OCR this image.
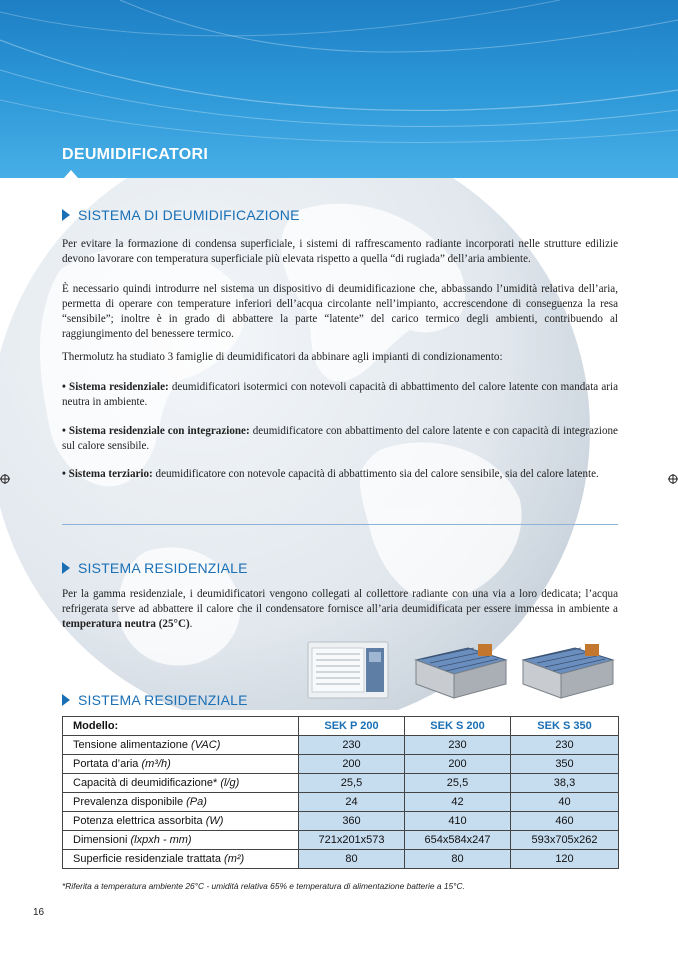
DEUMIDIFICATORI
SISTEMA DI DEUMIDIFICAZIONE
Per evitare la formazione di condensa superficiale, i sistemi di raffrescamento radiante incorporati nelle strutture edilizie devono lavorare con temperatura superficiale più elevata rispetto a quella “di rugiada” dell’aria ambiente.
È necessario quindi introdurre nel sistema un dispositivo di deumidificazione che, abbassando l’umidità relativa dell’aria, permetta di operare con temperature inferiori dell’acqua circolante nell’impianto, accrescendone di conseguenza la resa “sensibile”; inoltre è in grado di abbattere la parte “latente” del carico termico degli ambienti, contribuendo al raggiungimento del benessere termico.
Thermolutz ha studiato 3 famiglie di deumidificatori da abbinare agli impianti di condizionamento:
• Sistema residenziale: deumidificatori isotermici con notevoli capacità di abbattimento del calore latente con mandata aria neutra in ambiente.
• Sistema residenziale con integrazione: deumidificatore con abbattimento del calore latente e con capacità di integrazione sul calore sensibile.
• Sistema terziario: deumidificatore con notevole capacità di abbattimento sia del calore sensibile, sia del calore latente.
SISTEMA RESIDENZIALE
Per la gamma residenziale, i deumidificatori vengono collegati al collettore radiante con una via a loro dedicata; l’acqua refrigerata serve ad abbattere il calore che il condensatore fornisce all’aria deumidificata per essere immessa in ambiente a temperatura neutra (25°C).
SISTEMA RESIDENZIALE
Modello:	SEK P 200	SEK S 200	SEK S 350
Tensione alimentazione (VAC)	230	230	230
Portata d’aria (m³/h)	200	200	350
Capacità di deumidificazione* (l/g)	25,5	25,5	38,3
Prevalenza disponibile (Pa)	24	42	40
Potenza elettrica assorbita (W)	360	410	460
Dimensioni (lxpxh - mm)	721x201x573	654x584x247	593x705x262
Superficie residenziale trattata (m²)	80	80	120
*Riferita a temperatura ambiente 26°C - umidità relativa 65% e temperatura di alimentazione batterie a 15°C.
16
